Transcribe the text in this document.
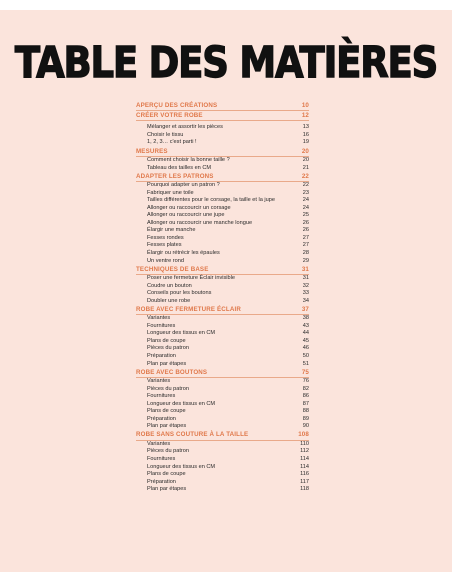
TABLE DES MATIÈRES
APERÇU DES CRÉATIONS	10
CRÉER VOTRE ROBE	12
Mélanger et assortir les pièces	13
Choisir le tissu	16
1, 2, 3… c'est parti !	19
MESURES	20
Comment choisir la bonne taille ?	20
Tableau des tailles en CM	21
ADAPTER LES PATRONS	22
Pourquoi adapter un patron ?	22
Fabriquer une toile	23
Tailles différentes pour le corsage, la taille et la jupe	24
Allonger ou raccourcir un corsage	24
Allonger ou raccourcir une jupe	25
Allonger ou raccourcir une manche longue	26
Élargir une manche	26
Fesses rondes	27
Fesses plates	27
Élargir ou rétrécir les épaules	28
Un ventre rond	29
TECHNIQUES DE BASE	31
Poser une fermeture Éclair invisible	31
Coudre un bouton	32
Conseils pour les boutons	33
Doubler une robe	34
ROBE AVEC FERMETURE ÉCLAIR	37
Variantes	38
Fournitures	43
Longueur des tissus en CM	44
Plans de coupe	45
Pièces du patron	46
Préparation	50
Plan par étapes	51
ROBE AVEC BOUTONS	75
Variantes	76
Pièces du patron	82
Fournitures	86
Longueur des tissus en CM	87
Plans de coupe	88
Préparation	89
Plan par étapes	90
ROBE SANS COUTURE À LA TAILLE	108
Variantes	110
Pièces du patron	112
Fournitures	114
Longueur des tissus en CM	114
Plans de coupe	116
Préparation	117
Plan par étapes	118
